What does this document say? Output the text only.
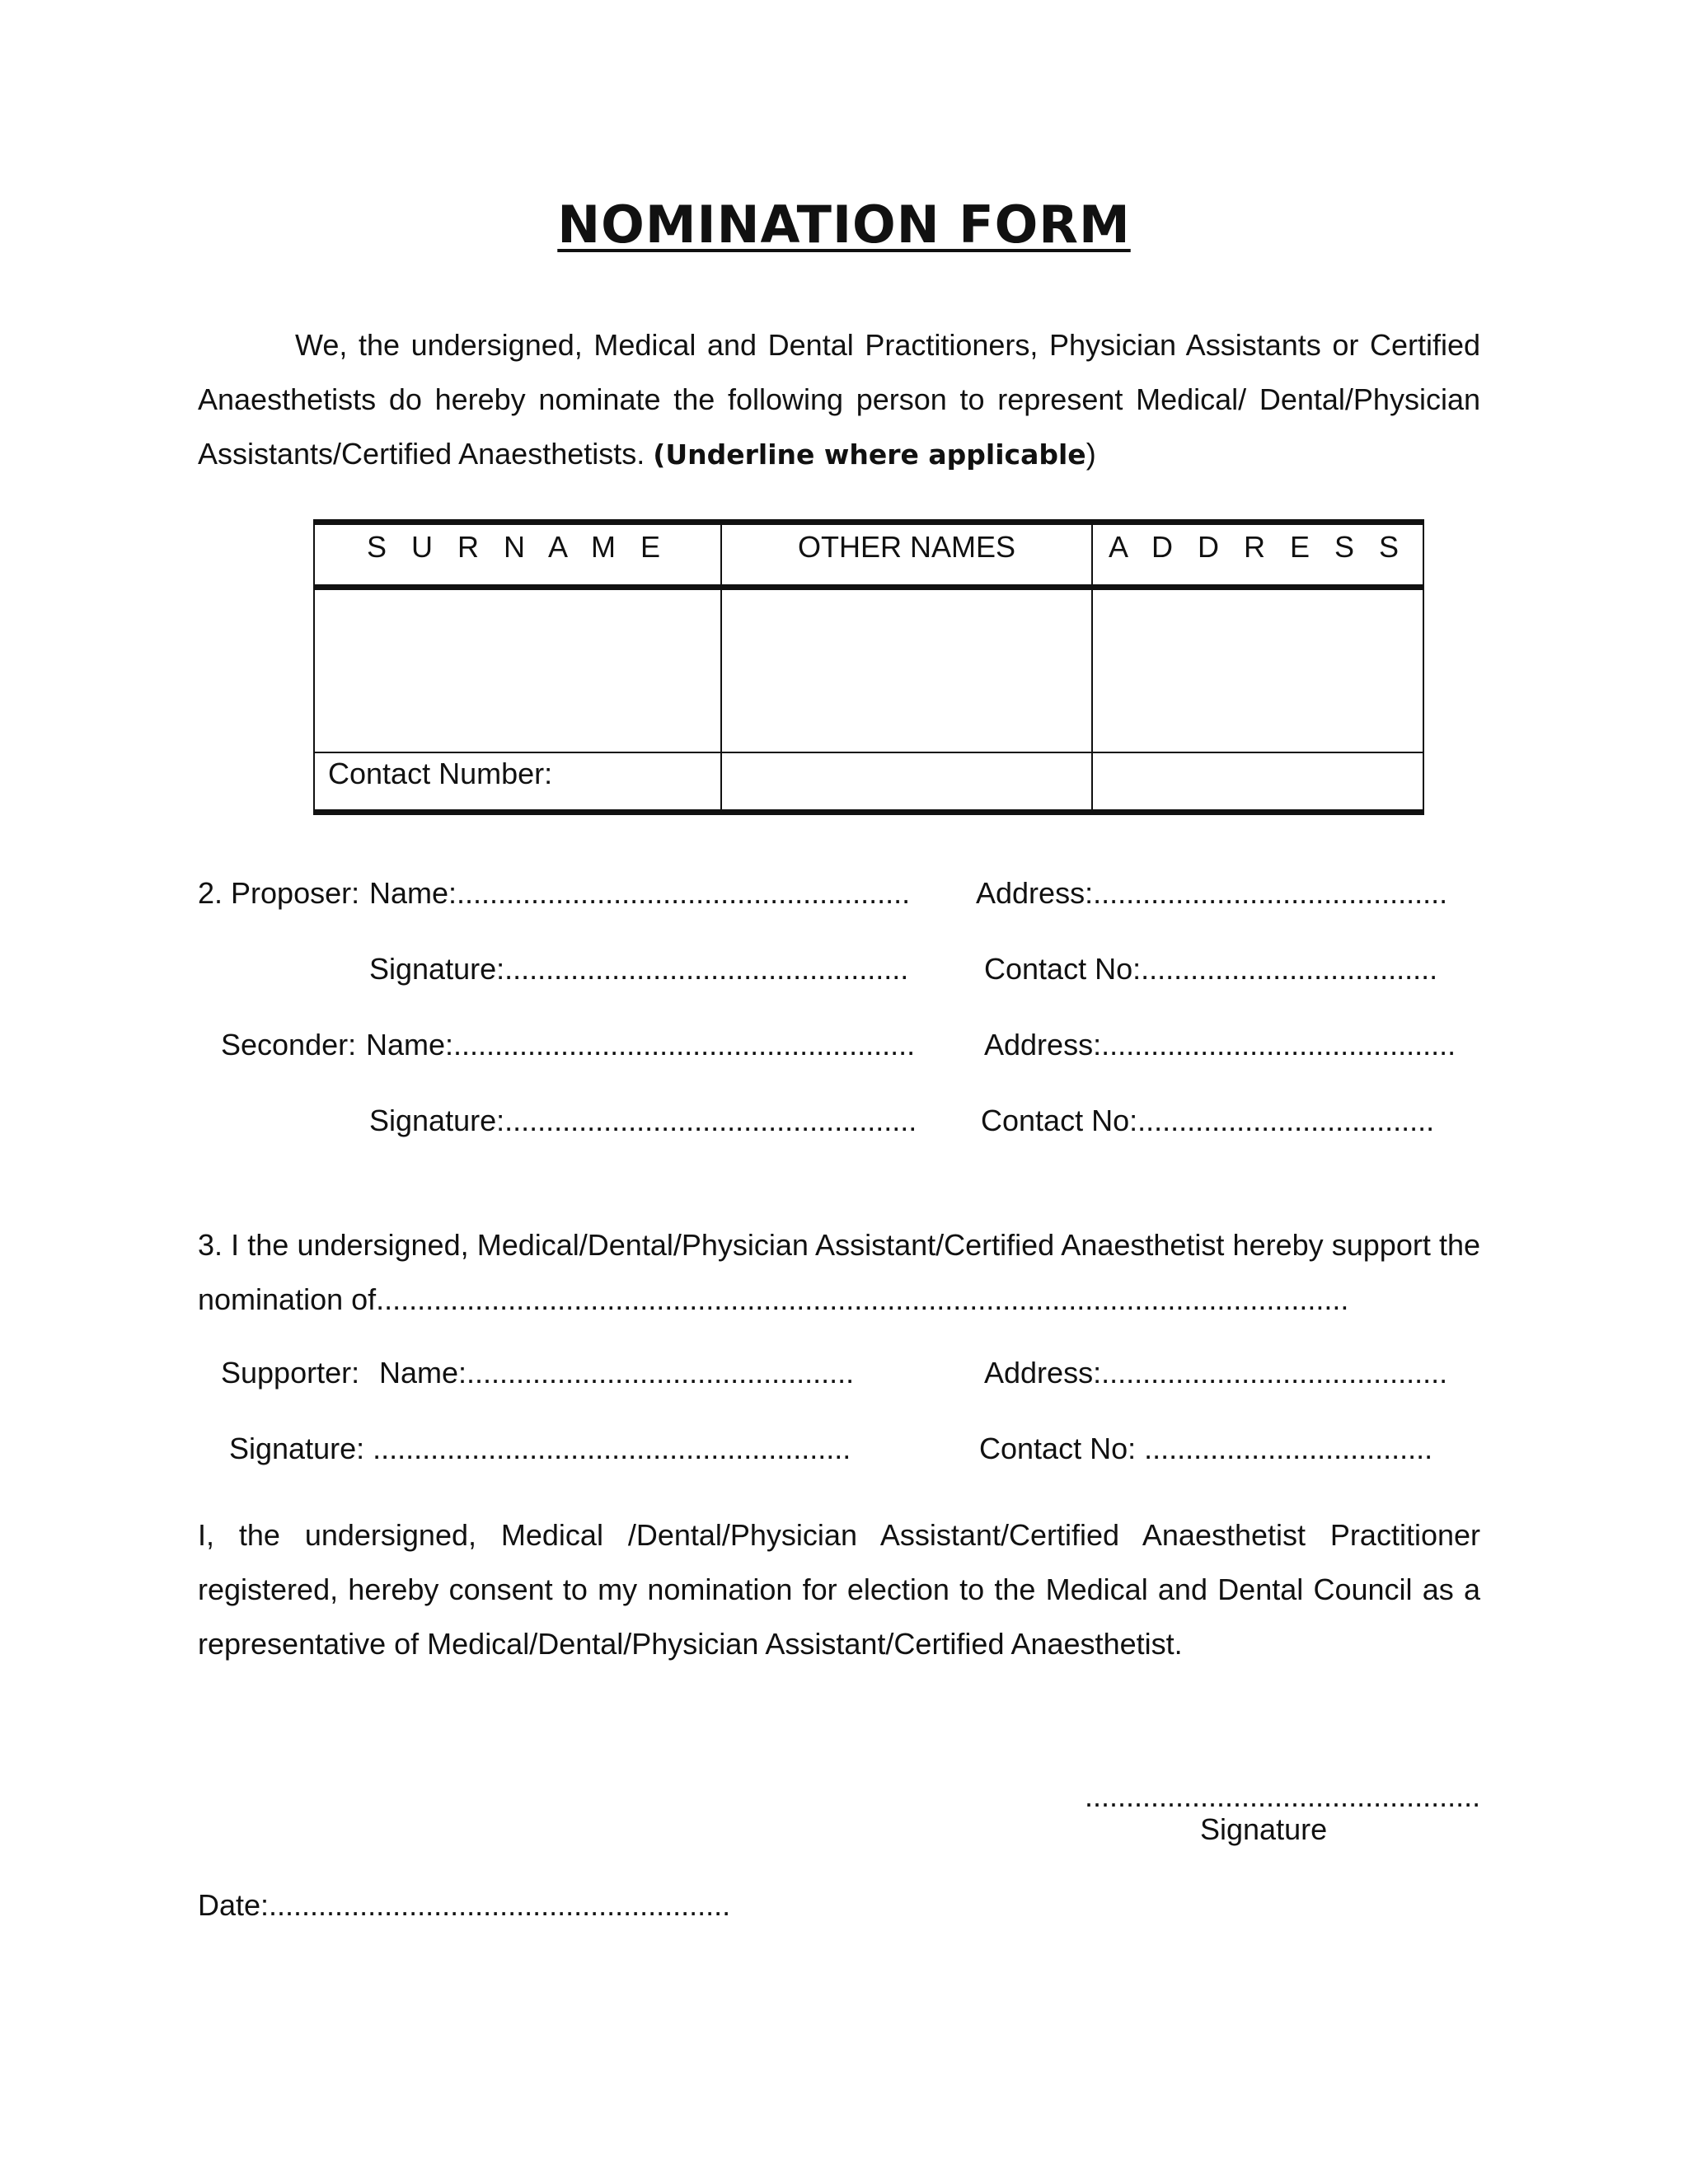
NOMINATION FORM
We, the undersigned, Medical and Dental Practitioners, Physician Assistants or Certified Anaesthetists do hereby nominate the following person to represent Medical/ Dental/Physician Assistants/Certified Anaesthetists. (Underline where applicable)
S U R N A M E	OTHER NAMES	A D D R E S S

Contact Number:		
2. Proposer: Name:....................................................... Address:...........................................
Signature:.................................................	Contact No:....................................
Seconder: Name:........................................................ Address:...........................................
Signature:.................................................. Contact No:....................................
3. I the undersigned, Medical/Dental/Physician Assistant/Certified Anaesthetist hereby support the nomination of......................................................................................................................
Supporter: Name:...............................................	Address:..........................................
Signature: ..........................................................	Contact No: ...................................
I, the undersigned, Medical /Dental/Physician Assistant/Certified Anaesthetist Practitioner registered, hereby consent to my nomination for election to the Medical and Dental Council as a representative of Medical/Dental/Physician Assistant/Certified Anaesthetist.
................................................
Signature
Date:........................................................
